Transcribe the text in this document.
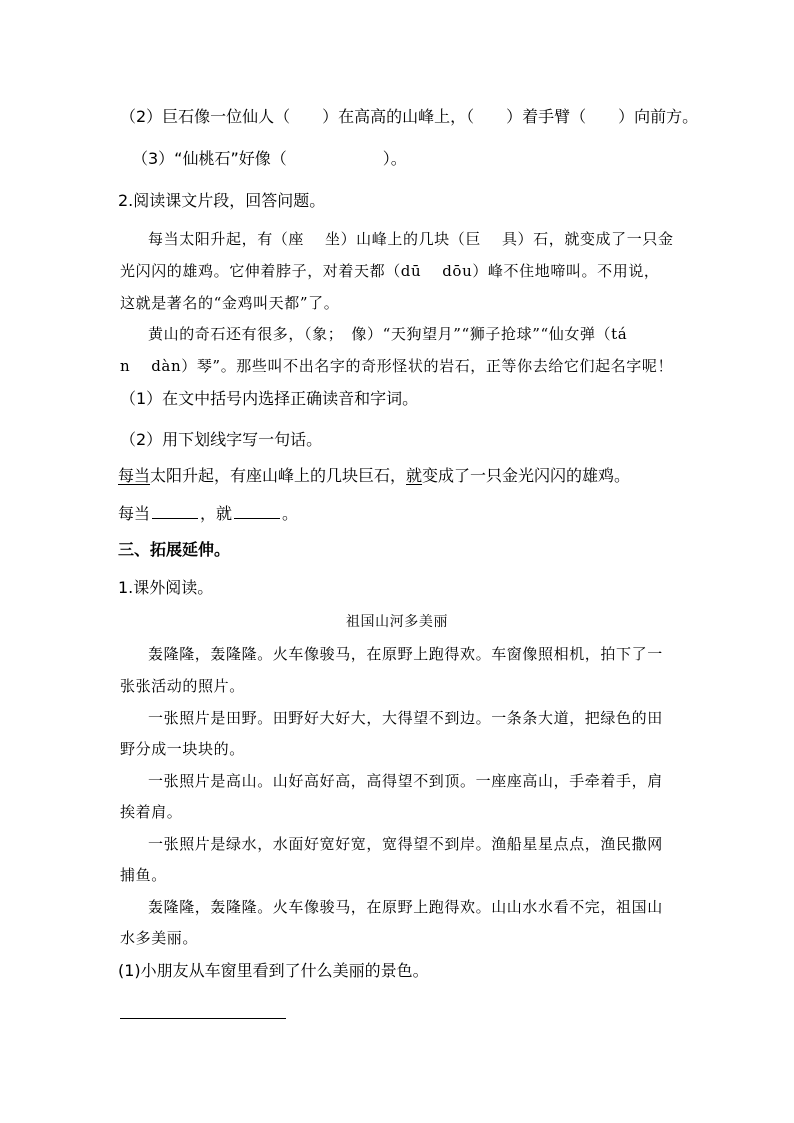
（2）巨石像一位仙人（　　）在高高的山峰上，（　　）着手臂（　　）向前方。
（3）“仙桃石”好像（　　　　　　）。
2.阅读课文片段，回答问题。
每当太阳升起，有（座　 坐）山峰上的几块（巨　 具）石，就变成了一只金
光闪闪的雄鸡。它伸着脖子，对着天都（dū　 dōu）峰不住地啼叫。不用说，
这就是著名的“金鸡叫天都”了。
黄山的奇石还有很多，（象；　像）“天狗望月”“狮子抢球”“仙女弹（tá
n　 dàn）琴”。那些叫不出名字的奇形怪状的岩石，正等你去给它们起名字呢！
（1）在文中括号内选择正确读音和字词。
（2）用下划线字写一句话。
每当太阳升起，有座山峰上的几块巨石，就变成了一只金光闪闪的雄鸡。
每当	，就	。
三、拓展延伸。
1.课外阅读。
祖国山河多美丽
轰隆隆，轰隆隆。火车像骏马，在原野上跑得欢。车窗像照相机，拍下了一
张张活动的照片。
一张照片是田野。田野好大好大，大得望不到边。一条条大道，把绿色的田
野分成一块块的。
一张照片是高山。山好高好高，高得望不到顶。一座座高山，手牵着手，肩
挨着肩。
一张照片是绿水，水面好宽好宽，宽得望不到岸。渔船星星点点，渔民撒网
捕鱼。
轰隆隆，轰隆隆。火车像骏马，在原野上跑得欢。山山水水看不完，祖国山
水多美丽。
(1)小朋友从车窗里看到了什么美丽的景色。
